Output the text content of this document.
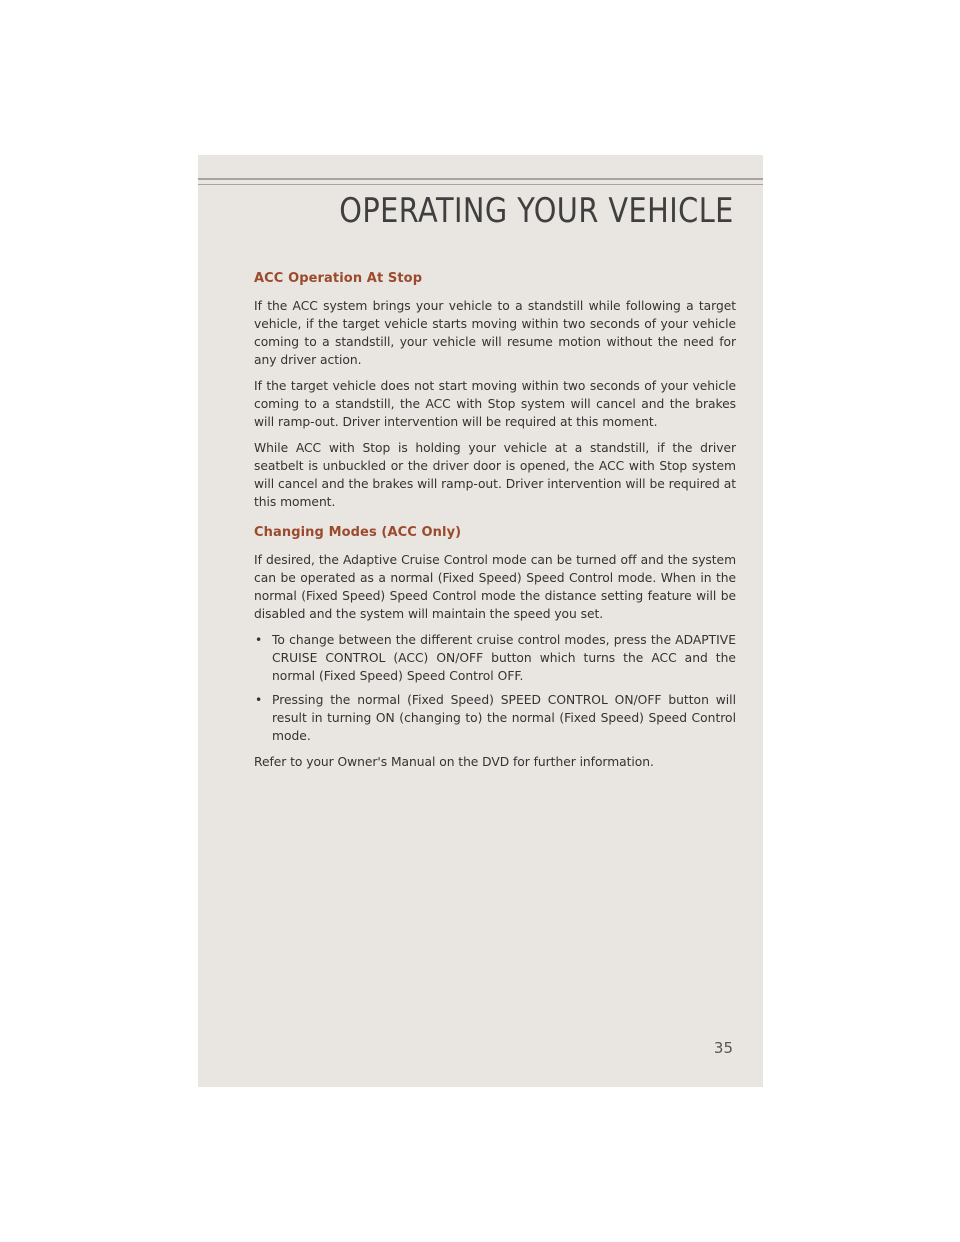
OPERATING YOUR VEHICLE
ACC Operation At Stop

If the ACC system brings your vehicle to a standstill while following a target vehicle, if the target vehicle starts moving within two seconds of your vehicle coming to a standstill, your vehicle will resume motion without the need for any driver action.

If the target vehicle does not start moving within two seconds of your vehicle coming to a standstill, the ACC with Stop system will cancel and the brakes will ramp-out. Driver intervention will be required at this moment.

While ACC with Stop is holding your vehicle at a standstill, if the driver seatbelt is unbuckled or the driver door is opened, the ACC with Stop system will cancel and the brakes will ramp-out. Driver intervention will be required at this moment.

Changing Modes (ACC Only)

If desired, the Adaptive Cruise Control mode can be turned off and the system can be operated as a normal (Fixed Speed) Speed Control mode. When in the normal (Fixed Speed) Speed Control mode the distance setting feature will be disabled and the system will maintain the speed you set.

• To change between the different cruise control modes, press the ADAPTIVE CRUISE CONTROL (ACC) ON/OFF button which turns the ACC and the normal (Fixed Speed) Speed Control OFF.
• Pressing the normal (Fixed Speed) SPEED CONTROL ON/OFF button will result in turning ON (changing to) the normal (Fixed Speed) Speed Control mode.

Refer to your Owner's Manual on the DVD for further information.

35
